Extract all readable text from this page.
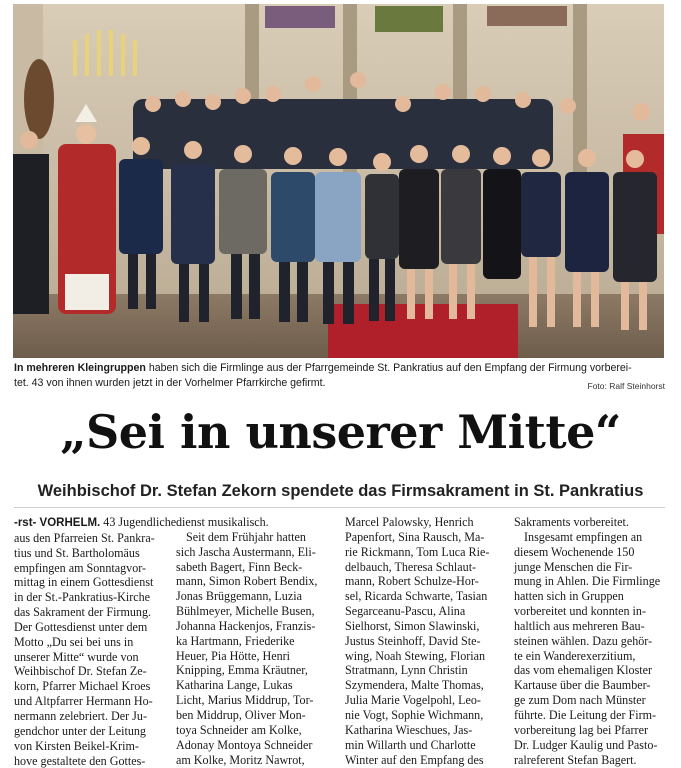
In mehreren Kleingruppen haben sich die Firmlinge aus der Pfarrgemeinde St. Pankratius auf den Empfang der Firmung vorberei-
tet. 43 von ihnen wurden jetzt in der Vorhelmer Pfarrkirche gefirmt.	Foto: Ralf Steinhorst
„Sei in unserer Mitte“
Weihbischof Dr. Stefan Zekorn spendete das Firmsakrament in St. Pankratius

-rst- VORHELM. 43 Jugendliche
aus den Pfarreien St. Pankra-
tius und St. Bartholomäus
empfingen am Sonntagvor-
mittag in einem Gottesdienst
in der St.-Pankratius-Kirche
das Sakrament der Firmung.
Der Gottesdienst unter dem
Motto „Du sei bei uns in
unserer Mitte“ wurde von
Weihbischof Dr. Stefan Ze-
korn, Pfarrer Michael Kroes
und Altpfarrer Hermann Ho-
nermann zelebriert. Der Ju-
gendchor unter der Leitung
von Kirsten Beikel-Krim-
hove gestaltete den Gottes-

dienst musikalisch.
Seit dem Frühjahr hatten
sich Jascha Austermann, Eli-
sabeth Bagert, Finn Beck-
mann, Simon Robert Bendix,
Jonas Brüggemann, Luzia
Bühlmeyer, Michelle Busen,
Johanna Hackenjos, Franzis-
ka Hartmann, Friederike
Heuer, Pia Hötte, Henri
Knipping, Emma Kräutner,
Katharina Lange, Lukas
Licht, Marius Middrup, Tor-
ben Middrup, Oliver Mon-
toya Schneider am Kolke,
Adonay Montoya Schneider
am Kolke, Moritz Nawrot,

Marcel Palowsky, Henrich
Papenfort, Sina Rausch, Ma-
rie Rickmann, Tom Luca Rie-
delbauch, Theresa Schlaut-
mann, Robert Schulze-Hor-
sel, Ricarda Schwarte, Tasian
Segarceanu-Pascu, Alina
Sielhorst, Simon Slawinski,
Justus Steinhoff, David Ste-
wing, Noah Stewing, Florian
Stratmann, Lynn Christin
Szymendera, Malte Thomas,
Julia Marie Vogelpohl, Leo-
nie Vogt, Sophie Wichmann,
Katharina Wieschues, Jas-
min Willarth und Charlotte
Winter auf den Empfang des

Sakraments vorbereitet.
Insgesamt empfingen an
diesem Wochenende 150
junge Menschen die Fir-
mung in Ahlen. Die Firmlinge
hatten sich in Gruppen
vorbereitet und konnten in-
haltlich aus mehreren Bau-
steinen wählen. Dazu gehör-
te ein Wanderexerzitium,
das vom ehemaligen Kloster
Kartause über die Baumber-
ge zum Dom nach Münster
führte. Die Leitung der Firm-
vorbereitung lag bei Pfarrer
Dr. Ludger Kaulig und Pasto-
ralreferent Stefan Bagert.
